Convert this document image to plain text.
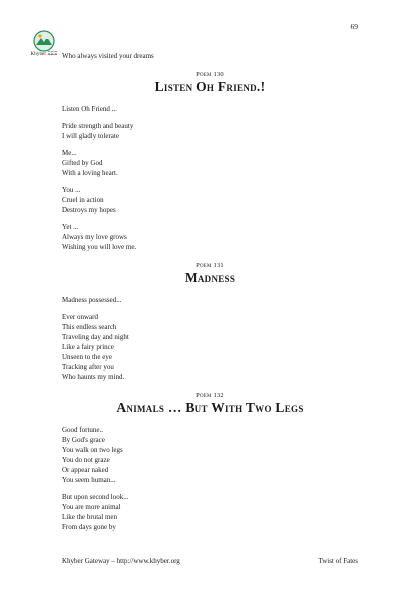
69
Khyber ΞΞΞ Who always visited your dreams
Poem 130
Listen Oh Friend.!
Listen Oh Friend ...
Pride strength and beauty
I will gladly tolerate
Me...
Gifted by God
With a loving heart.
You ...
Cruel in action
Destroys my hopes
Yet ...
Always my love grows
Wishing you will love me.
Poem 131
Madness
Madness possessed...
Ever onward
This endless search
Traveling day and night
Like a fairy prince
Unseen to the eye
Tracking after you
Who haunts my mind.
Poem 132
Animals … But With Two Legs
Good fortune..
By God's grace
You walk on two legs
You do not graze
Or appear naked
You seem human...
But upon second look...
You are more animal
Like the brutal men
From days gone by
Khyber Gateway – http://www.khyber.org	Twist of Fates
